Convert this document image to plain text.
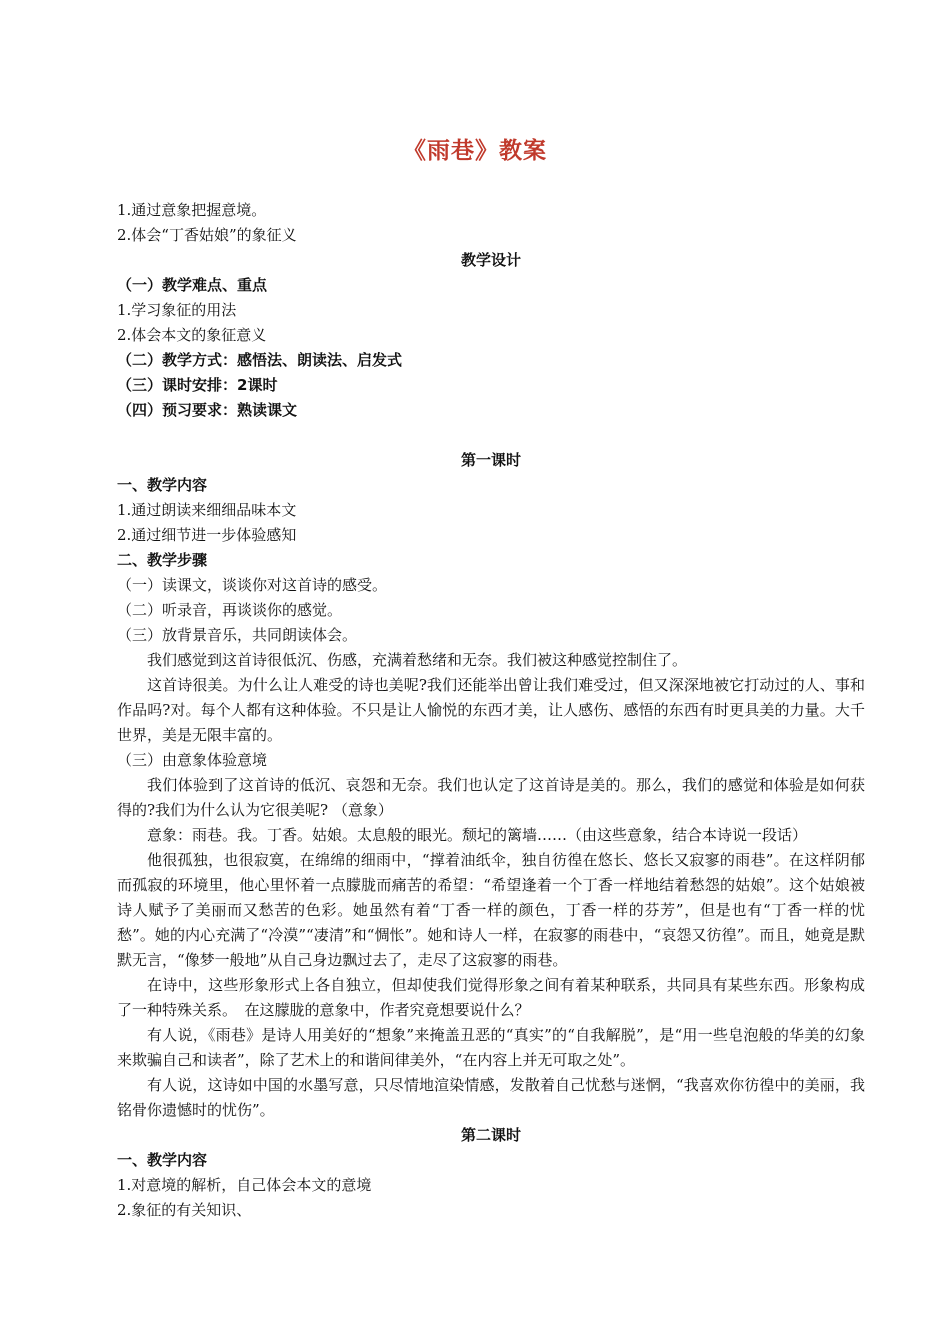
《雨巷》教案
1.通过意象把握意境。
2.体会“丁香姑娘”的象征义
教学设计
（一）教学难点、重点
1.学习象征的用法
2.体会本文的象征意义
（二）教学方式：感悟法、朗读法、启发式
（三）课时安排：2课时
（四）预习要求：熟读课文
第一课时
一、教学内容
1.通过朗读来细细品味本文
2.通过细节进一步体验感知
二、教学步骤
（一）读课文，谈谈你对这首诗的感受。
（二）听录音，再谈谈你的感觉。
（三）放背景音乐，共同朗读体会。
我们感觉到这首诗很低沉、伤感，充满着愁绪和无奈。我们被这种感觉控制住了。
这首诗很美。为什么让人难受的诗也美呢?我们还能举出曾让我们难受过，但又深深地被它打动过的人、事和作品吗?对。每个人都有这种体验。不只是让人愉悦的东西才美，让人感伤、感悟的东西有时更具美的力量。大千世界，美是无限丰富的。
（三）由意象体验意境
我们体验到了这首诗的低沉、哀怨和无奈。我们也认定了这首诗是美的。那么，我们的感觉和体验是如何获得的?我们为什么认为它很美呢? （意象）
意象：雨巷。我。丁香。姑娘。太息般的眼光。颓圮的篱墙……（由这些意象，结合本诗说一段话）
他很孤独，也很寂寞，在绵绵的细雨中，“撑着油纸伞，独自彷徨在悠长、悠长又寂寥的雨巷”。在这样阴郁而孤寂的环境里，他心里怀着一点朦胧而痛苦的希望：“希望逢着一个丁香一样地结着愁怨的姑娘”。这个姑娘被诗人赋予了美丽而又愁苦的色彩。她虽然有着“丁香一样的颜色，丁香一样的芬芳”，但是也有“丁香一样的忧愁”。她的内心充满了“冷漠”“凄清”和“惆怅”。她和诗人一样，在寂寥的雨巷中，“哀怨又彷徨”。而且，她竟是默默无言，“像梦一般地”从自己身边飘过去了，走尽了这寂寥的雨巷。
在诗中，这些形象形式上各自独立，但却使我们觉得形象之间有着某种联系，共同具有某些东西。形象构成了一种特殊关系。　在这朦胧的意象中，作者究竟想要说什么？
有人说，《雨巷》是诗人用美好的“想象”来掩盖丑恶的“真实”的“自我解脱”，是“用一些皂泡般的华美的幻象来欺骗自己和读者”，除了艺术上的和谐间律美外，“在内容上并无可取之处”。
有人说，这诗如中国的水墨写意，只尽情地渲染情感，发散着自己忧愁与迷惘，“我喜欢你彷徨中的美丽，我铭骨你遗憾时的忧伤”。
第二课时
一、教学内容
1.对意境的解析，自己体会本文的意境
2.象征的有关知识、
